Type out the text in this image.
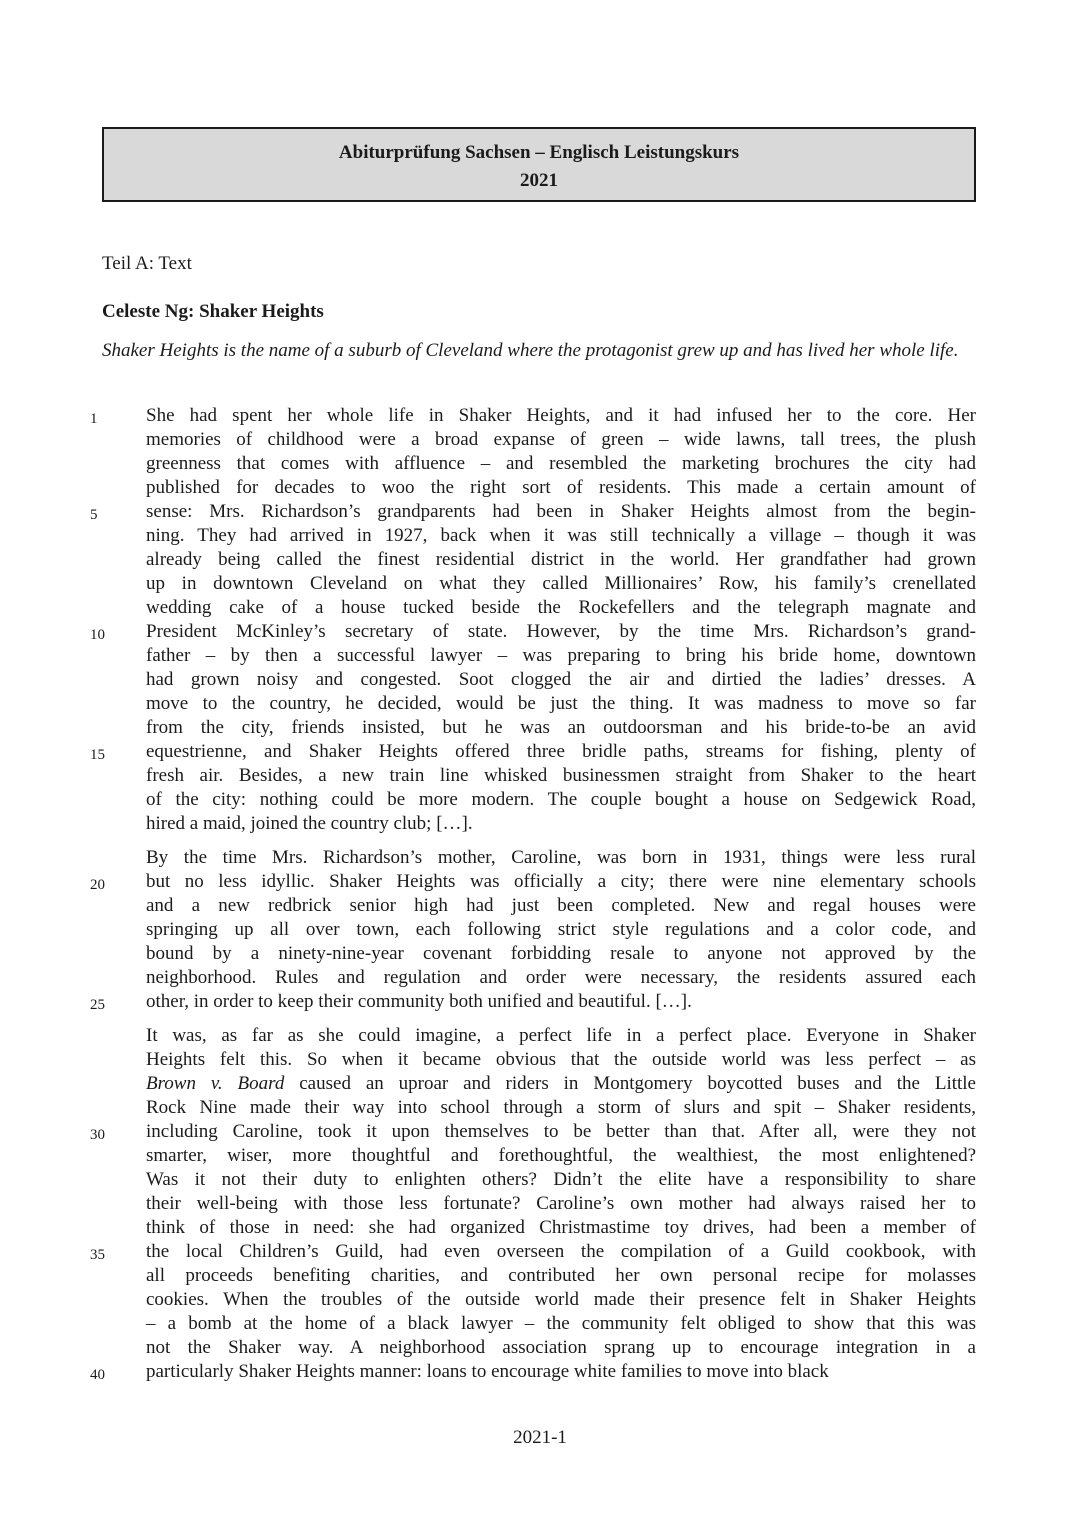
Abiturprüfung Sachsen – Englisch Leistungskurs
2021
Teil A: Text
Celeste Ng: Shaker Heights
Shaker Heights is the name of a suburb of Cleveland where the protagonist grew up and has lived her whole life.
1	She had spent her whole life in Shaker Heights, and it had infused her to the core. Her
memories of childhood were a broad expanse of green – wide lawns, tall trees, the plush
greenness that comes with affluence – and resembled the marketing brochures the city had
published for decades to woo the right sort of residents. This made a certain amount of
5	sense: Mrs. Richardson’s grandparents had been in Shaker Heights almost from the begin-
ning. They had arrived in 1927, back when it was still technically a village – though it was
already being called the finest residential district in the world. Her grandfather had grown
up in downtown Cleveland on what they called Millionaires’ Row, his family’s crenellated
wedding cake of a house tucked beside the Rockefellers and the telegraph magnate and
10	President McKinley’s secretary of state. However, by the time Mrs. Richardson’s grand-
father – by then a successful lawyer – was preparing to bring his bride home, downtown
had grown noisy and congested. Soot clogged the air and dirtied the ladies’ dresses. A
move to the country, he decided, would be just the thing. It was madness to move so far
from the city, friends insisted, but he was an outdoorsman and his bride-to-be an avid
15	equestrienne, and Shaker Heights offered three bridle paths, streams for fishing, plenty of
fresh air. Besides, a new train line whisked businessmen straight from Shaker to the heart
of the city: nothing could be more modern. The couple bought a house on Sedgewick Road,
hired a maid, joined the country club; […].
By the time Mrs. Richardson’s mother, Caroline, was born in 1931, things were less rural
20	but no less idyllic. Shaker Heights was officially a city; there were nine elementary schools
and a new redbrick senior high had just been completed. New and regal houses were
springing up all over town, each following strict style regulations and a color code, and
bound by a ninety-nine-year covenant forbidding resale to anyone not approved by the
neighborhood. Rules and regulation and order were necessary, the residents assured each
25	other, in order to keep their community both unified and beautiful. […].
It was, as far as she could imagine, a perfect life in a perfect place. Everyone in Shaker
Heights felt this. So when it became obvious that the outside world was less perfect – as
Brown v. Board caused an uproar and riders in Montgomery boycotted buses and the Little
Rock Nine made their way into school through a storm of slurs and spit – Shaker residents,
30	including Caroline, took it upon themselves to be better than that. After all, were they not
smarter, wiser, more thoughtful and forethoughtful, the wealthiest, the most enlightened?
Was it not their duty to enlighten others? Didn’t the elite have a responsibility to share
their well-being with those less fortunate? Caroline’s own mother had always raised her to
think of those in need: she had organized Christmastime toy drives, had been a member of
35	the local Children’s Guild, had even overseen the compilation of a Guild cookbook, with
all proceeds benefiting charities, and contributed her own personal recipe for molasses
cookies. When the troubles of the outside world made their presence felt in Shaker Heights
– a bomb at the home of a black lawyer – the community felt obliged to show that this was
not the Shaker way. A neighborhood association sprang up to encourage integration in a
40	particularly Shaker Heights manner: loans to encourage white families to move into black
2021-1
